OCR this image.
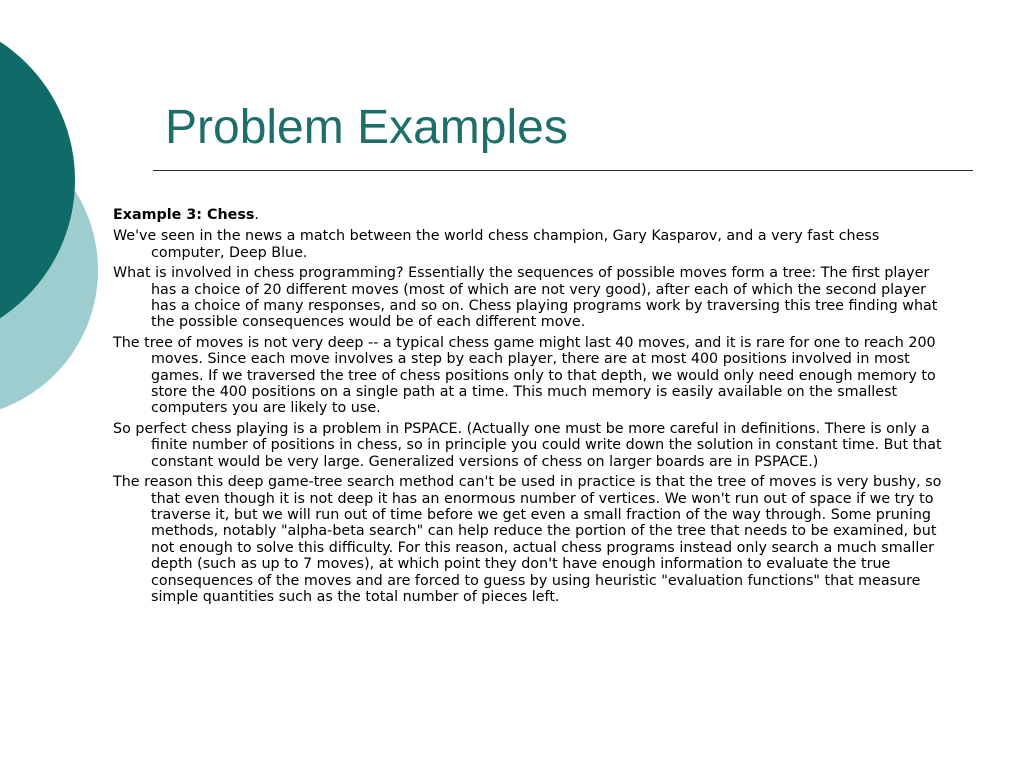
Problem Examples

Example 3: Chess.

We've seen in the news a match between the world chess champion, Gary Kasparov, and a very fast chess computer, Deep Blue.

What is involved in chess programming? Essentially the sequences of possible moves form a tree: The first player has a choice of 20 different moves (most of which are not very good), after each of which the second player has a choice of many responses, and so on. Chess playing programs work by traversing this tree finding what the possible consequences would be of each different move.

The tree of moves is not very deep -- a typical chess game might last 40 moves, and it is rare for one to reach 200 moves. Since each move involves a step by each player, there are at most 400 positions involved in most games. If we traversed the tree of chess positions only to that depth, we would only need enough memory to store the 400 positions on a single path at a time. This much memory is easily available on the smallest computers you are likely to use.

So perfect chess playing is a problem in PSPACE. (Actually one must be more careful in definitions. There is only a finite number of positions in chess, so in principle you could write down the solution in constant time. But that constant would be very large. Generalized versions of chess on larger boards are in PSPACE.)

The reason this deep game-tree search method can't be used in practice is that the tree of moves is very bushy, so that even though it is not deep it has an enormous number of vertices. We won't run out of space if we try to traverse it, but we will run out of time before we get even a small fraction of the way through. Some pruning methods, notably "alpha-beta search" can help reduce the portion of the tree that needs to be examined, but not enough to solve this difficulty. For this reason, actual chess programs instead only search a much smaller depth (such as up to 7 moves), at which point they don't have enough information to evaluate the true consequences of the moves and are forced to guess by using heuristic "evaluation functions" that measure simple quantities such as the total number of pieces left.
